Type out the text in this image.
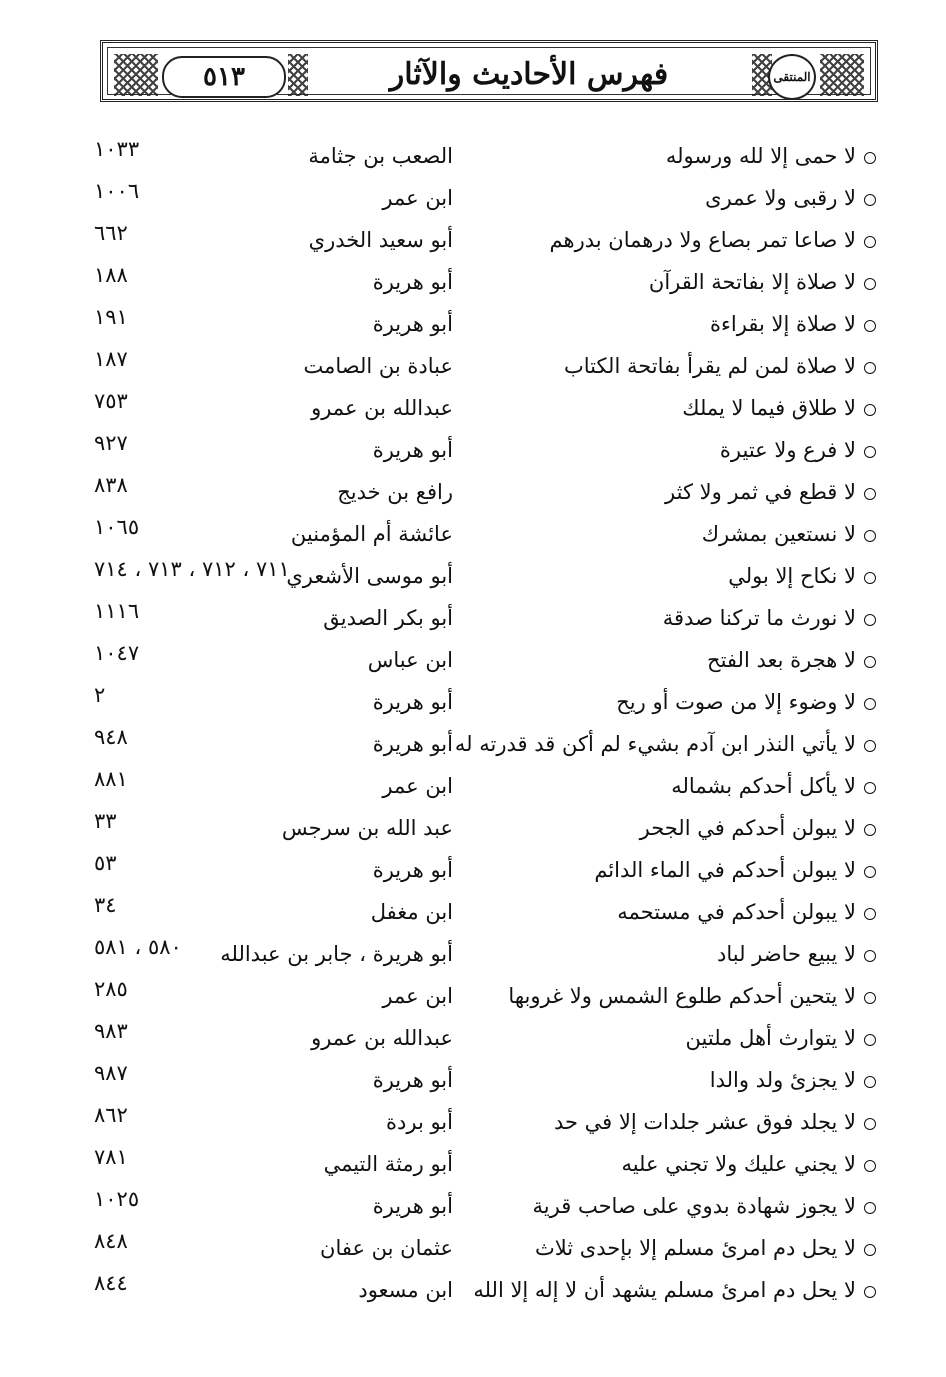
٥١٣	فهرس الأحاديث والآثار	المنتقى
لا حمى إلا لله ورسوله
الصعب بن جثامة
١٠٣٣
لا رقبى ولا عمرى
ابن عمر
١٠٠٦
لا صاعا تمر بصاع ولا درهمان بدرهم
أبو سعيد الخدري
٦٦٢
لا صلاة إلا بفاتحة القرآن
أبو هريرة
١٨٨
لا صلاة إلا بقراءة
أبو هريرة
١٩١
لا صلاة لمن لم يقرأ بفاتحة الكتاب
عبادة بن الصامت
١٨٧
لا طلاق فيما لا يملك
عبدالله بن عمرو
٧٥٣
لا فرع ولا عتيرة
أبو هريرة
٩٢٧
لا قطع في ثمر ولا كثر
رافع بن خديج
٨٣٨
لا نستعين بمشرك
عائشة أم المؤمنين
١٠٦٥
لا نكاح إلا بولي
أبو موسى الأشعري
٧١١ ، ٧١٢ ، ٧١٣ ، ٧١٤
لا نورث ما تركنا صدقة
أبو بكر الصديق
١١١٦
لا هجرة بعد الفتح
ابن عباس
١٠٤٧
لا وضوء إلا من صوت أو ريح
أبو هريرة
٢
لا يأتي النذر ابن آدم بشيء لم أكن قد قدرته له
أبو هريرة
٩٤٨
لا يأكل أحدكم بشماله
ابن عمر
٨٨١
لا يبولن أحدكم في الجحر
عبد الله بن سرجس
٣٣
لا يبولن أحدكم في الماء الدائم
أبو هريرة
٥٣
لا يبولن أحدكم في مستحمه
ابن مغفل
٣٤
لا يبيع حاضر لباد
أبو هريرة ، جابر بن عبدالله
٥٨٠ ، ٥٨١
لا يتحين أحدكم طلوع الشمس ولا غروبها
ابن عمر
٢٨٥
لا يتوارث أهل ملتين
عبدالله بن عمرو
٩٨٣
لا يجزئ ولد والدا
أبو هريرة
٩٨٧
لا يجلد فوق عشر جلدات إلا في حد
أبو بردة
٨٦٢
لا يجني عليك ولا تجني عليه
أبو رمثة التيمي
٧٨١
لا يجوز شهادة بدوي على صاحب قرية
أبو هريرة
١٠٢٥
لا يحل دم امرئ مسلم إلا بإحدى ثلاث
عثمان بن عفان
٨٤٨
لا يحل دم امرئ مسلم يشهد أن لا إله إلا الله
ابن مسعود
٨٤٤
